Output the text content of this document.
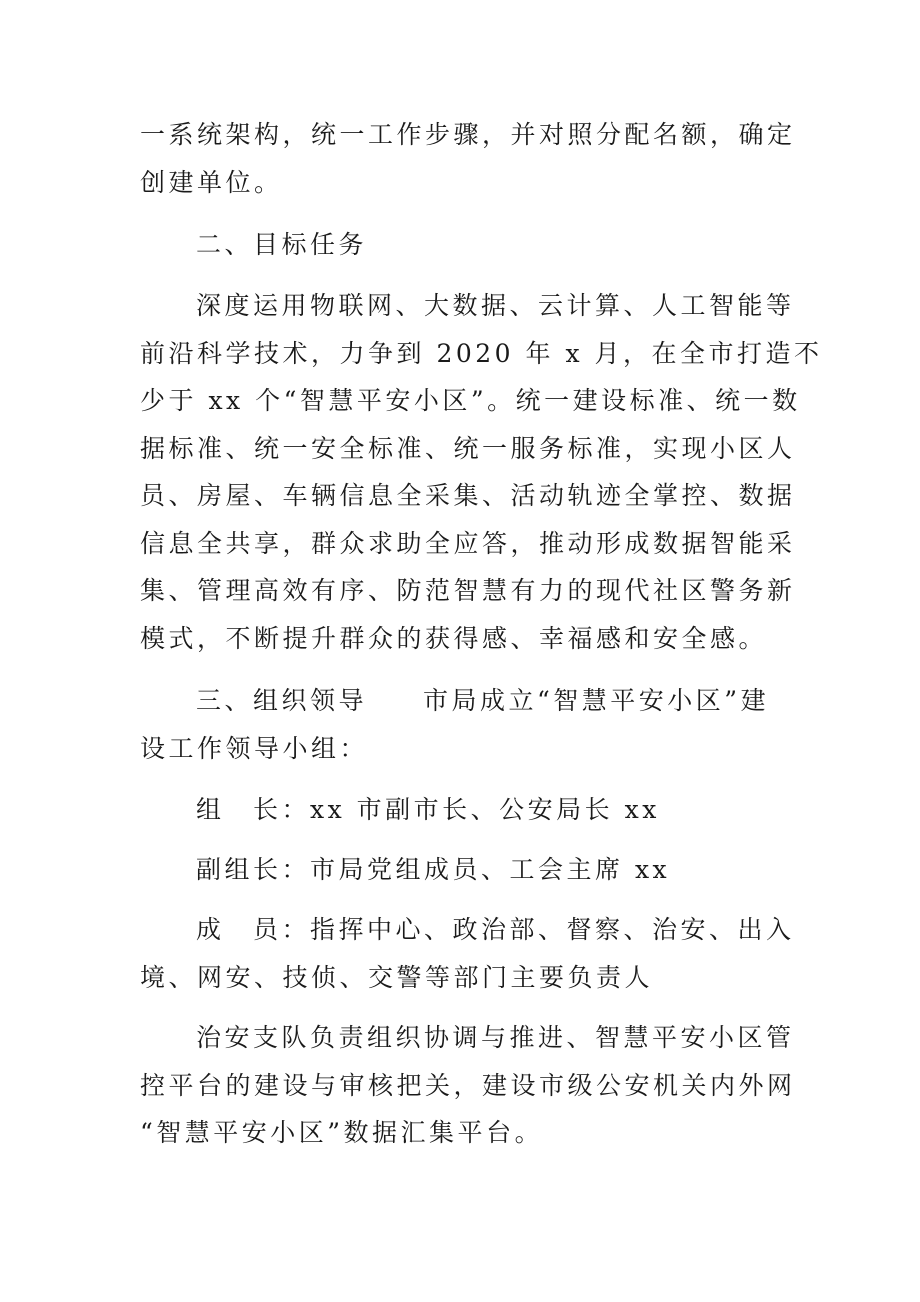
一系统架构，统一工作步骤，并对照分配名额，确定
创建单位。

二、目标任务

深度运用物联网、大数据、云计算、人工智能等
前沿科学技术，力争到 2020 年 x 月，在全市打造不
少于 xx 个“智慧平安小区”。统一建设标准、统一数
据标准、统一安全标准、统一服务标准，实现小区人
员、房屋、车辆信息全采集、活动轨迹全掌控、数据
信息全共享，群众求助全应答，推动形成数据智能采
集、管理高效有序、防范智慧有力的现代社区警务新
模式，不断提升群众的获得感、幸福感和安全感。

三、组织领导 市局成立“智慧平安小区”建
设工作领导小组：

组　长：xx 市副市长、公安局长 xx

副组长：市局党组成员、工会主席 xx

成　员：指挥中心、政治部、督察、治安、出入
境、网安、技侦、交警等部门主要负责人

治安支队负责组织协调与推进、智慧平安小区管
控平台的建设与审核把关，建设市级公安机关内外网
“智慧平安小区”数据汇集平台。
